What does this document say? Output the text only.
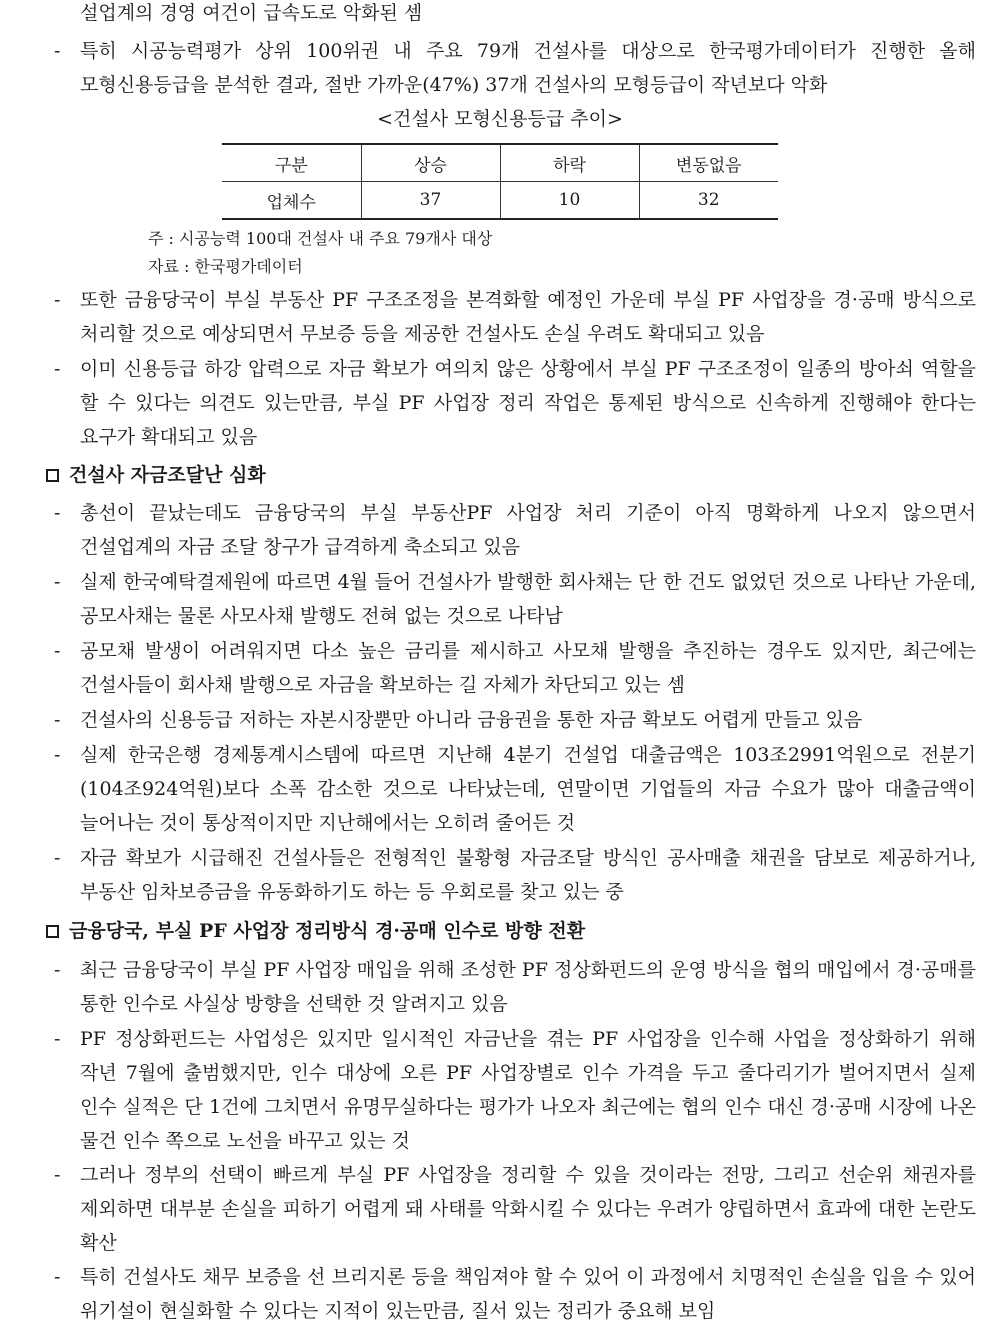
설업계의 경영 여건이 급속도로 악화된 셈
- 특히 시공능력평가 상위 100위권 내 주요 79개 건설사를 대상으로 한국평가데이터가 진행한 올해 모형신용등급을 분석한 결과, 절반 가까운(47%) 37개 건설사의 모형등급이 작년보다 악화
<건설사 모형신용등급 추이>
구분	상승	하락	변동없음
업체수	37	10	32
주 : 시공능력 100대 건설사 내 주요 79개사 대상
자료 : 한국평가데이터
- 또한 금융당국이 부실 부동산 PF 구조조정을 본격화할 예정인 가운데 부실 PF 사업장을 경·공매 방식으로 처리할 것으로 예상되면서 무보증 등을 제공한 건설사도 손실 우려도 확대되고 있음
- 이미 신용등급 하강 압력으로 자금 확보가 여의치 않은 상황에서 부실 PF 구조조정이 일종의 방아쇠 역할을 할 수 있다는 의견도 있는만큼, 부실 PF 사업장 정리 작업은 통제된 방식으로 신속하게 진행해야 한다는 요구가 확대되고 있음
건설사 자금조달난 심화
- 총선이 끝났는데도 금융당국의 부실 부동산PF 사업장 처리 기준이 아직 명확하게 나오지 않으면서 건설업계의 자금 조달 창구가 급격하게 축소되고 있음
- 실제 한국예탁결제원에 따르면 4월 들어 건설사가 발행한 회사채는 단 한 건도 없었던 것으로 나타난 가운데, 공모사채는 물론 사모사채 발행도 전혀 없는 것으로 나타남
- 공모채 발생이 어려워지면 다소 높은 금리를 제시하고 사모채 발행을 추진하는 경우도 있지만, 최근에는 건설사들이 회사채 발행으로 자금을 확보하는 길 자체가 차단되고 있는 셈
- 건설사의 신용등급 저하는 자본시장뿐만 아니라 금융권을 통한 자금 확보도 어렵게 만들고 있음
- 실제 한국은행 경제통계시스템에 따르면 지난해 4분기 건설업 대출금액은 103조2991억원으로 전분기(104조924억원)보다 소폭 감소한 것으로 나타났는데, 연말이면 기업들의 자금 수요가 많아 대출금액이 늘어나는 것이 통상적이지만 지난해에서는 오히려 줄어든 것
- 자금 확보가 시급해진 건설사들은 전형적인 불황형 자금조달 방식인 공사매출 채권을 담보로 제공하거나, 부동산 임차보증금을 유동화하기도 하는 등 우회로를 찾고 있는 중
금융당국, 부실 PF 사업장 정리방식 경·공매 인수로 방향 전환
- 최근 금융당국이 부실 PF 사업장 매입을 위해 조성한 PF 정상화펀드의 운영 방식을 협의 매입에서 경·공매를 통한 인수로 사실상 방향을 선택한 것 알려지고 있음
- PF 정상화펀드는 사업성은 있지만 일시적인 자금난을 겪는 PF 사업장을 인수해 사업을 정상화하기 위해 작년 7월에 출범했지만, 인수 대상에 오른 PF 사업장별로 인수 가격을 두고 줄다리기가 벌어지면서 실제 인수 실적은 단 1건에 그치면서 유명무실하다는 평가가 나오자 최근에는 협의 인수 대신 경·공매 시장에 나온 물건 인수 쪽으로 노선을 바꾸고 있는 것
- 그러나 정부의 선택이 빠르게 부실 PF 사업장을 정리할 수 있을 것이라는 전망, 그리고 선순위 채권자를 제외하면 대부분 손실을 피하기 어렵게 돼 사태를 악화시킬 수 있다는 우려가 양립하면서 효과에 대한 논란도 확산
- 특히 건설사도 채무 보증을 선 브리지론 등을 책임져야 할 수 있어 이 과정에서 치명적인 손실을 입을 수 있어 위기설이 현실화할 수 있다는 지적이 있는만큼, 질서 있는 정리가 중요해 보임
